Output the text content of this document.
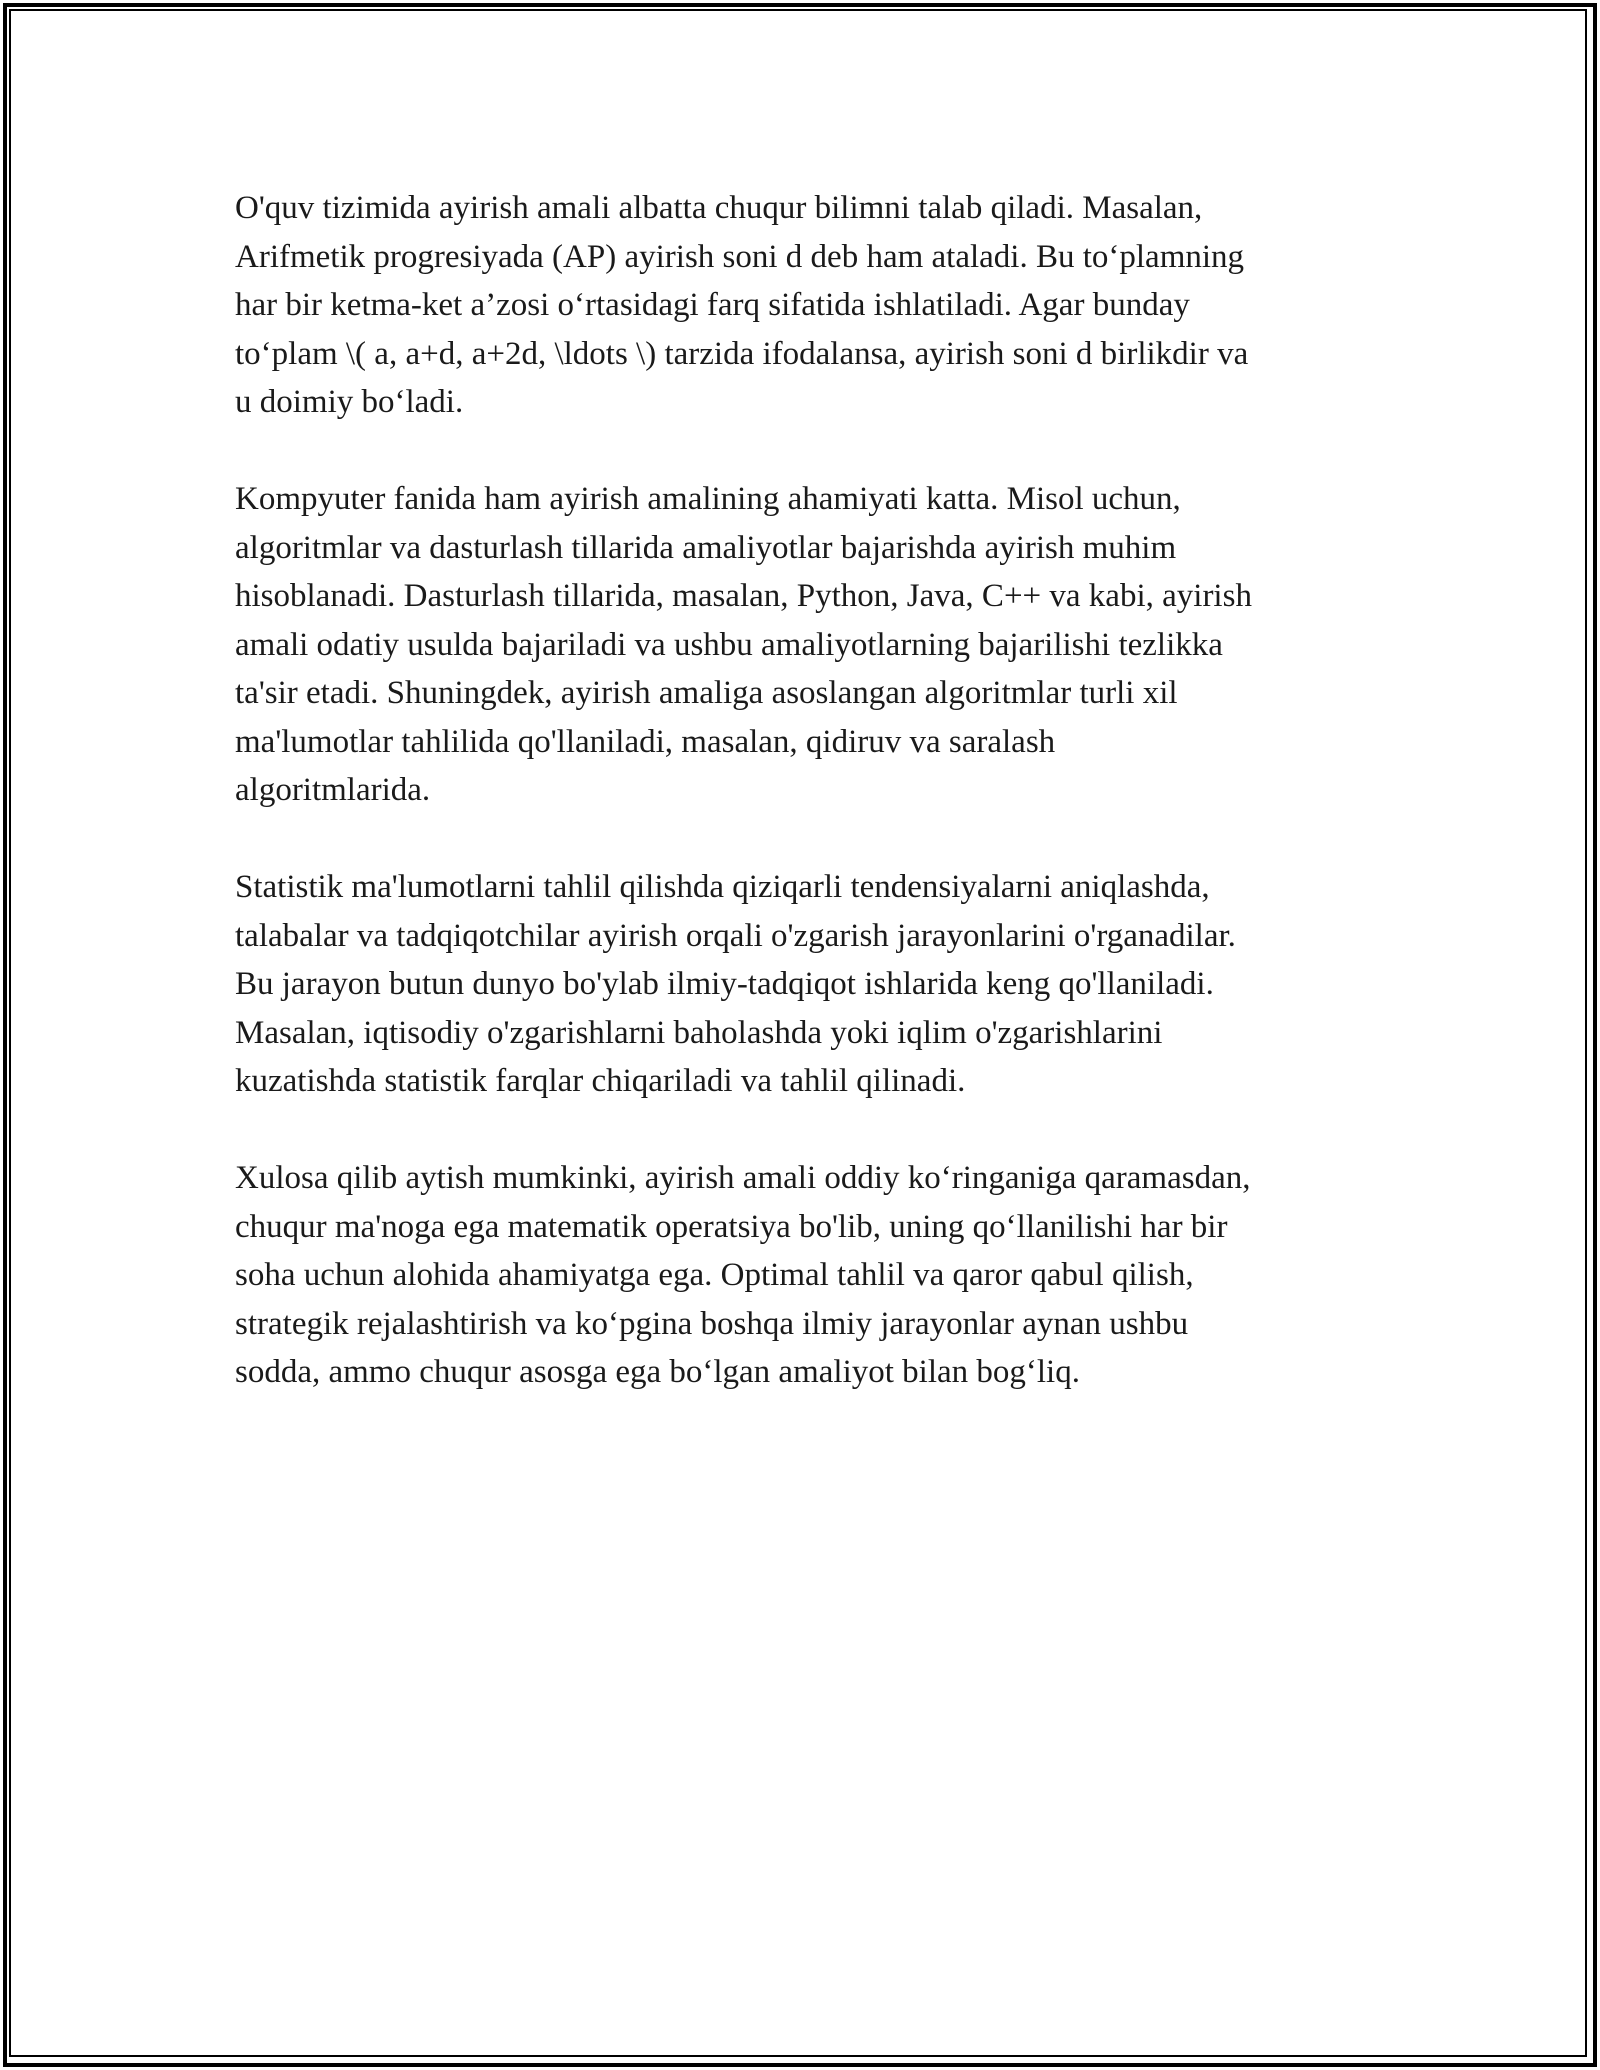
O'quv tizimida ayirish amali albatta chuqur bilimni talab qiladi. Masalan,
Arifmetik progresiyada (AP) ayirish soni d deb ham ataladi. Bu to‘plamning
har bir ketma-ket a’zosi o‘rtasidagi farq sifatida ishlatiladi. Agar bunday
to‘plam \( a, a+d, a+2d, \ldots \) tarzida ifodalansa, ayirish soni d birlikdir va
u doimiy bo‘ladi.

Kompyuter fanida ham ayirish amalining ahamiyati katta. Misol uchun,
algoritmlar va dasturlash tillarida amaliyotlar bajarishda ayirish muhim
hisoblanadi. Dasturlash tillarida, masalan, Python, Java, C++ va kabi, ayirish
amali odatiy usulda bajariladi va ushbu amaliyotlarning bajarilishi tezlikka
ta'sir etadi. Shuningdek, ayirish amaliga asoslangan algoritmlar turli xil
ma'lumotlar tahlilida qo'llaniladi, masalan, qidiruv va saralash
algoritmlarida.

Statistik ma'lumotlarni tahlil qilishda qiziqarli tendensiyalarni aniqlashda,
talabalar va tadqiqotchilar ayirish orqali o'zgarish jarayonlarini o'rganadilar.
Bu jarayon butun dunyo bo'ylab ilmiy-tadqiqot ishlarida keng qo'llaniladi.
Masalan, iqtisodiy o'zgarishlarni baholashda yoki iqlim o'zgarishlarini
kuzatishda statistik farqlar chiqariladi va tahlil qilinadi.

Xulosa qilib aytish mumkinki, ayirish amali oddiy ko‘ringaniga qaramasdan,
chuqur ma'noga ega matematik operatsiya bo'lib, uning qo‘llanilishi har bir
soha uchun alohida ahamiyatga ega. Optimal tahlil va qaror qabul qilish,
strategik rejalashtirish va ko‘pgina boshqa ilmiy jarayonlar aynan ushbu
sodda, ammo chuqur asosga ega bo‘lgan amaliyot bilan bog‘liq.
